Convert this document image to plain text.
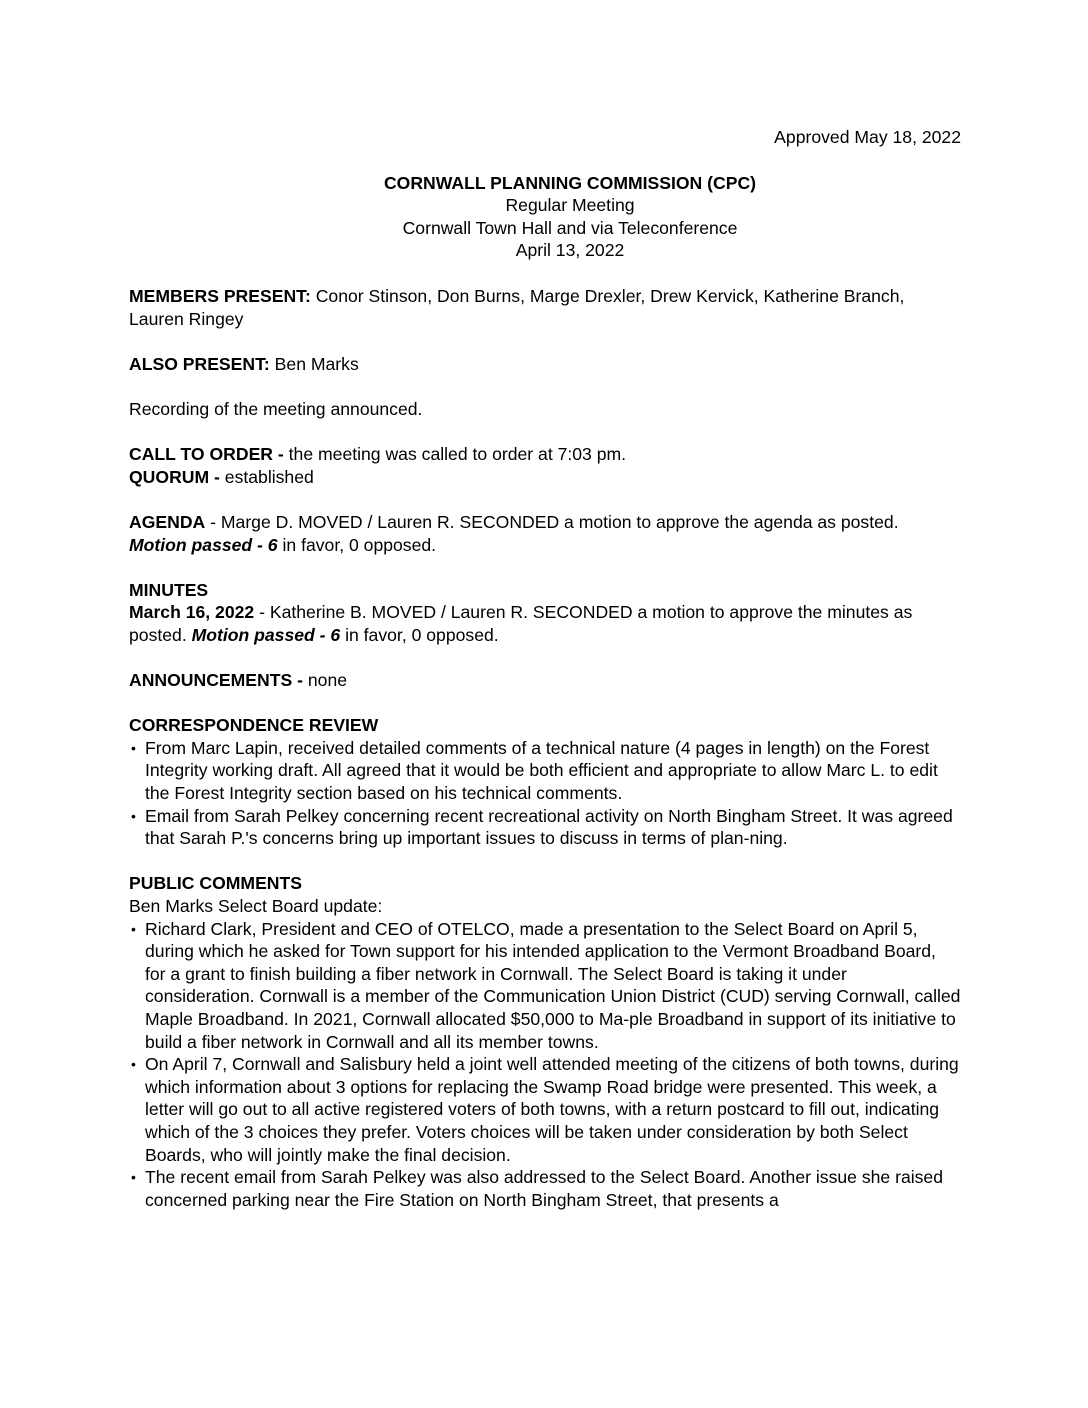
Approved May 18, 2022
CORNWALL PLANNING COMMISSION (CPC)
Regular Meeting
Cornwall Town Hall and via Teleconference
April 13, 2022

MEMBERS PRESENT: Conor Stinson, Don Burns, Marge Drexler, Drew Kervick, Katherine Branch, Lauren Ringey

ALSO PRESENT: Ben Marks

Recording of the meeting announced.

CALL TO ORDER - the meeting was called to order at 7:03 pm.

QUORUM - established

AGENDA - Marge D. MOVED / Lauren R. SECONDED a motion to approve the agenda as posted. Motion passed - 6 in favor, 0 opposed.

MINUTES

March 16, 2022 - Katherine B. MOVED / Lauren R. SECONDED a motion to approve the minutes as posted. Motion passed - 6 in favor, 0 opposed.

ANNOUNCEMENTS - none

CORRESPONDENCE REVIEW
• From Marc Lapin, received detailed comments of a technical nature (4 pages in length) on the Forest Integrity working draft. All agreed that it would be both efficient and appropriate to allow Marc L. to edit the Forest Integrity section based on his technical comments.
• Email from Sarah Pelkey concerning recent recreational activity on North Bingham Street. It was agreed that Sarah P.'s concerns bring up important issues to discuss in terms of plan-ning.
PUBLIC COMMENTS
Ben Marks Select Board update:
• Richard Clark, President and CEO of OTELCO, made a presentation to the Select Board on April 5, during which he asked for Town support for his intended application to the Vermont Broadband Board, for a grant to finish building a fiber network in Cornwall. The Select Board is taking it under consideration. Cornwall is a member of the Communication Union District (CUD) serving Cornwall, called Maple Broadband. In 2021, Cornwall allocated $50,000 to Ma-ple Broadband in support of its initiative to build a fiber network in Cornwall and all its member towns.
• On April 7, Cornwall and Salisbury held a joint well attended meeting of the citizens of both towns, during which information about 3 options for replacing the Swamp Road bridge were presented. This week, a letter will go out to all active registered voters of both towns, with a return postcard to fill out, indicating which of the 3 choices they prefer. Voters choices will be taken under consideration by both Select Boards, who will jointly make the final decision.
• The recent email from Sarah Pelkey was also addressed to the Select Board. Another issue she raised concerned parking near the Fire Station on North Bingham Street, that presents a
